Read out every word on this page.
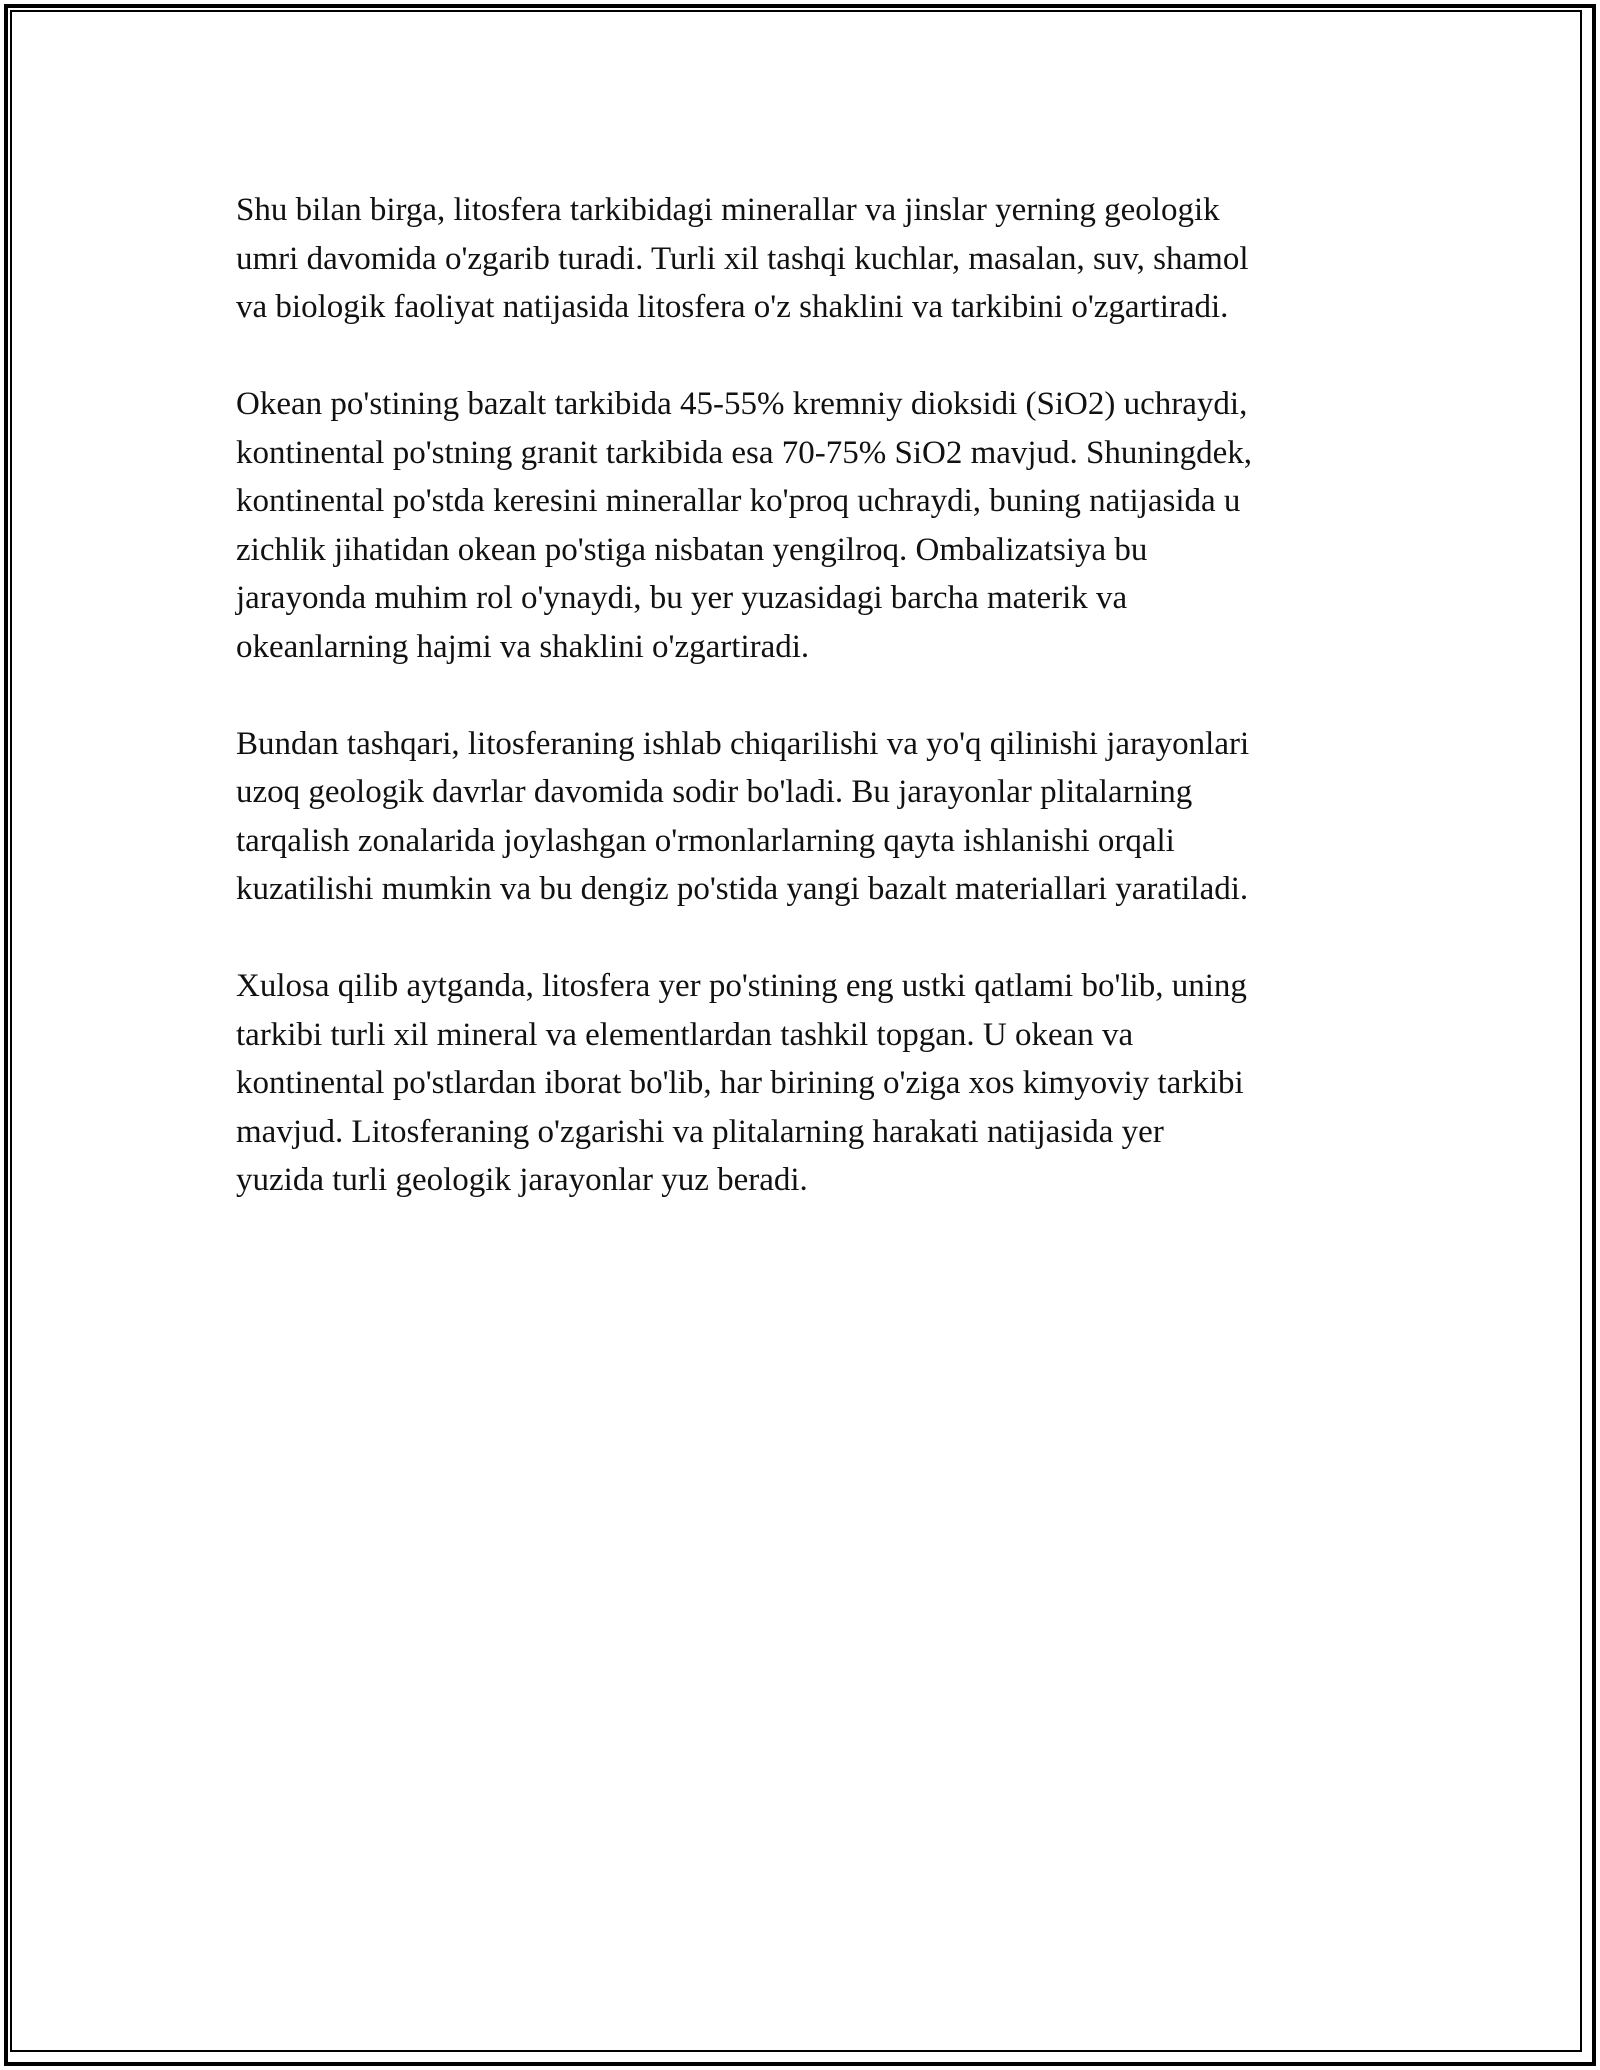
Shu bilan birga, litosfera tarkibidagi minerallar va jinslar yerning geologik
umri davomida o'zgarib turadi. Turli xil tashqi kuchlar, masalan, suv, shamol
va biologik faoliyat natijasida litosfera o'z shaklini va tarkibini o'zgartiradi.

Okean po'stining bazalt tarkibida 45-55% kremniy dioksidi (SiO2) uchraydi,
kontinental po'stning granit tarkibida esa 70-75% SiO2 mavjud. Shuningdek,
kontinental po'stda keresini minerallar ko'proq uchraydi, buning natijasida u
zichlik jihatidan okean po'stiga nisbatan yengilroq. Ombalizatsiya bu
jarayonda muhim rol o'ynaydi, bu yer yuzasidagi barcha materik va
okeanlarning hajmi va shaklini o'zgartiradi.

Bundan tashqari, litosferaning ishlab chiqarilishi va yo'q qilinishi jarayonlari
uzoq geologik davrlar davomida sodir bo'ladi. Bu jarayonlar plitalarning
tarqalish zonalarida joylashgan o'rmonlarlarning qayta ishlanishi orqali
kuzatilishi mumkin va bu dengiz po'stida yangi bazalt materiallari yaratiladi.

Xulosa qilib aytganda, litosfera yer po'stining eng ustki qatlami bo'lib, uning
tarkibi turli xil mineral va elementlardan tashkil topgan. U okean va
kontinental po'stlardan iborat bo'lib, har birining o'ziga xos kimyoviy tarkibi
mavjud. Litosferaning o'zgarishi va plitalarning harakati natijasida yer
yuzida turli geologik jarayonlar yuz beradi.
